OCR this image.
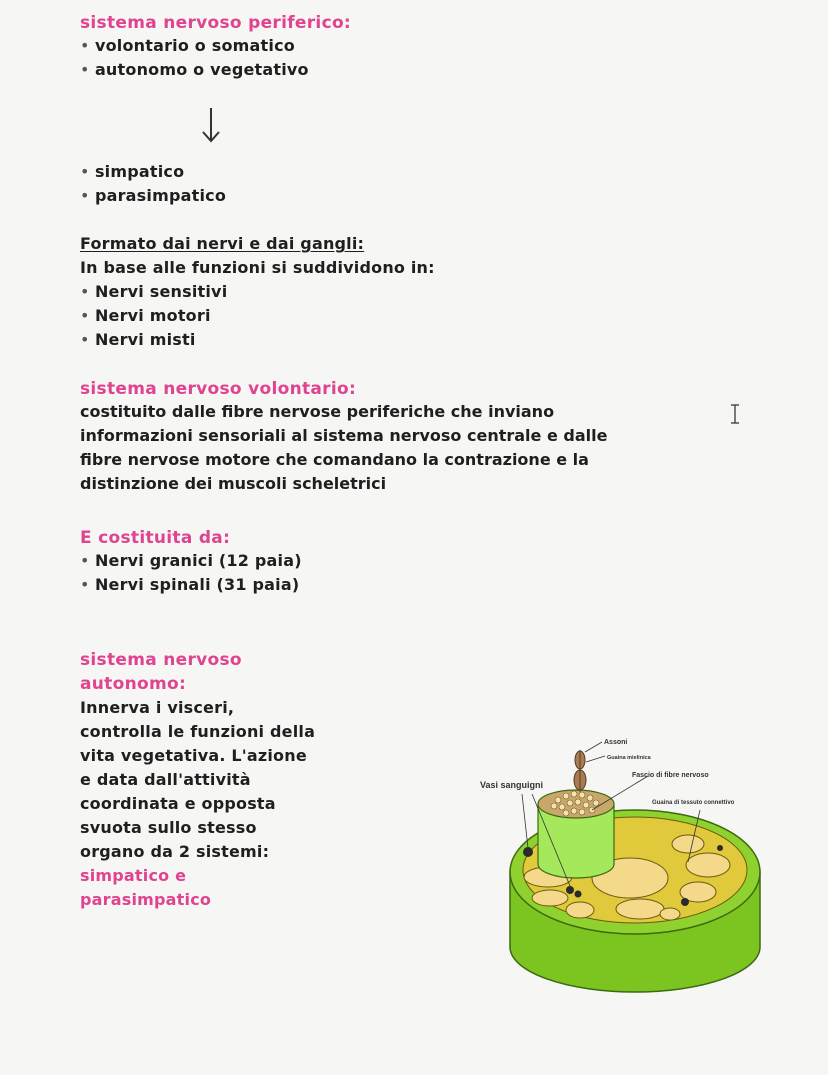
sistema nervoso periferico:
• volontario o somatico
• autonomo o vegetativo
• simpatico
• parasimpatico
Formato dai nervi e dai gangli:
In base alle funzioni si suddividono in:
• Nervi sensitivi
• Nervi motori
• Nervi misti
sistema nervoso volontario:
costituito dalle fibre nervose periferiche che inviano
informazioni sensoriali al sistema nervoso centrale e dalle
fibre nervose motore che comandano la contrazione e la
distinzione dei muscoli scheletrici
E costituita da:
• Nervi granici (12 paia)
• Nervi spinali (31 paia)
sistema nervoso
autonomo:
Innerva i visceri,
controlla le funzioni della
vita vegetativa. L'azione
e data dall'attività
coordinata e opposta
svuota sullo stesso
organo da 2 sistemi:
simpatico e
parasimpatico
Assoni
Guaina mielinica
Fascio di fibre nervoso
Guaina di tessuto connettivo
Vasi sanguigni
